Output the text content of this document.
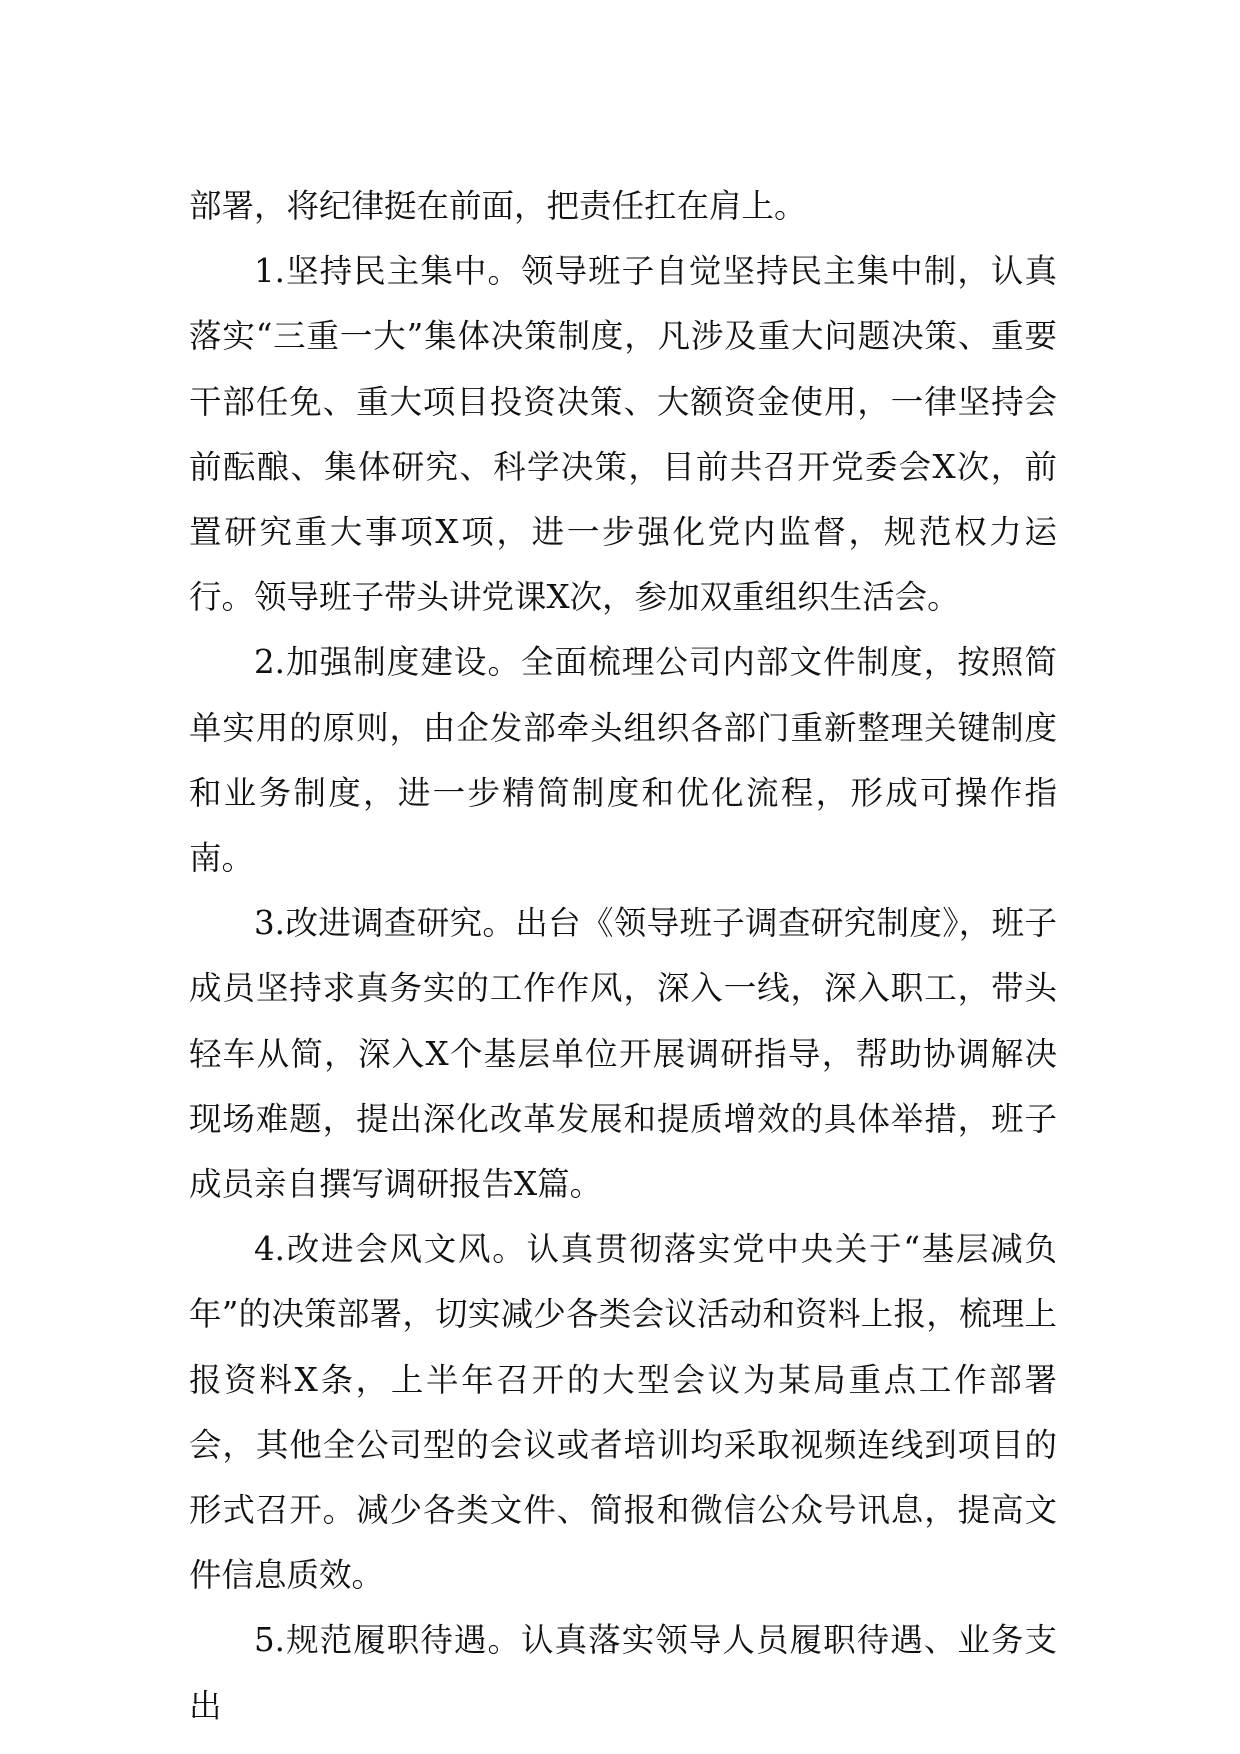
部署，将纪律挺在前面，把责任扛在肩上。

1.坚持民主集中。领导班子自觉坚持民主集中制，认真落实“三重一大”集体决策制度，凡涉及重大问题决策、重要干部任免、重大项目投资决策、大额资金使用，一律坚持会前酝酿、集体研究、科学决策，目前共召开党委会X次，前置研究重大事项X项，进一步强化党内监督，规范权力运行。领导班子带头讲党课X次，参加双重组织生活会。

2.加强制度建设。全面梳理公司内部文件制度，按照简单实用的原则，由企发部牵头组织各部门重新整理关键制度和业务制度，进一步精简制度和优化流程，形成可操作指南。

3.改进调查研究。出台《领导班子调查研究制度》，班子成员坚持求真务实的工作作风，深入一线，深入职工，带头轻车从简，深入X个基层单位开展调研指导，帮助协调解决现场难题，提出深化改革发展和提质增效的具体举措，班子成员亲自撰写调研报告X篇。

4.改进会风文风。认真贯彻落实党中央关于“基层减负年”的决策部署，切实减少各类会议活动和资料上报，梳理上报资料X条，上半年召开的大型会议为某局重点工作部署会，其他全公司型的会议或者培训均采取视频连线到项目的形式召开。减少各类文件、简报和微信公众号讯息，提高文件信息质效。

5.规范履职待遇。认真落实领导人员履职待遇、业务支出
